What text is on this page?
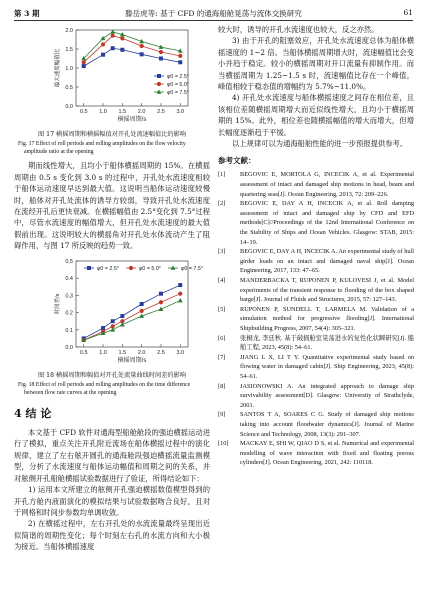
第 3 期	滕岳虎等: 基于 CFD 的通海船舱晃荡与流体交换研究	61
0.0
0.5
1.0
1.5
2.0
0.5 1.0 1.5 2.0 2.5 3.0
横摇周期/s
最大速度幅值比	φ0 = 2.5°
φ0 = 5.0°
φ0 = 7.5°
图 17 横摇周期和横摇幅值对开孔处流速幅值比的影响
Fig. 17 Effect of roll periods and rolling amplitudes on the flow velocity amplitude ratio at the opening

期而线性增大，且均小于船体横摇周期的 15%。在横摇周期由 0.5 s 变化到 3.0 s 的过程中，开孔处水流速度相较于船体运动速度早达到最大值。这说明当船体运动速度较慢时，船体对开孔处流体的诱导方较弱，导致开孔处水流速度在流经开孔后更快衰减。在横摇幅值由 2.5°变化到 7.5°过程中，尽管水流速度的幅值增大，但开孔处水流速度的最大值假前出现。这说明较大的横摇角对开孔处水体流动产生了阻碍作用，与图 17 所反映的趋势一致。

0.0
0.1
0.2
0.3
0.4
0.5
0.5 1.0 1.5 2.0 2.5 3.0
横摇周期/s
时间差/s
φ0 = 2.5°	φ0 = 5.0°	φ0 = 7.5°
图 18 横摇周期和幅值对开孔处流量曲线时间差的影响
Fig. 18 Effect of roll periods and rolling amplitudes on the time difference between flow rate curves at the opening
4 结 论

本文基于 CFD 软件对通海型船舱舱段的强迫横摇运动进行了模拟，重点关注开孔附近流场在船体横摇过程中的演化规律，建立了左右舷开圆孔的通海舱段强迫横摇流量监测模型，分析了水流速度与船体运动幅值和周期之间的关系，并对舷侧开孔船舱横摇试验数据进行了验证，所得结论如下：

1) 运用本文所建立的舷侧开孔强迫横摇数值模型得到的开孔方舱内液面演化的模拟结果与试验数据吻合良好，且对于网格和时间步参数均单调收敛。

2) 在横摇过程中，左右开孔处的水流流量最终呈现出近似简谐的周期性变化；每个时刻左右孔的水流方向和大小极为接近。当船体横摇速度

较大时，诱导的开孔水流速度也较大，反之亦然。

3) 由于开孔的阻塞效应，开孔处水流速度总体为船体横摇速度的 1~2 倍。当船体横摇周期增大时，流速幅值比会变小并趋于稳定。较小的横摇周期对开口流量有抑制作用。而当横摇周期为 1.25~1.5 s 时，流速幅值比存在一个峰值，峰值相较于稳态值的增幅约为 5.7%~11.0%。

4) 开孔处水流速度与船体横摇速度之间存在相位差，且该相位差随横摇周期增大而近似线性增大，且均小于横摇周期的 15%。此外，相位差也随横摇幅值的增大而增大，但增长幅度逐渐趋于平缓。

以上规律可以为通海船舶性能的进一步预报提供参考。

参考文献：
[1]	BEGOVIC E, MORTOLA G, INCECIK A, et al. Experimental assessment of intact and damaged ship motions in head, beam and quartering seas[J]. Ocean Engineering, 2013, 72: 209–226.
[2]	BEGOVIC E, DAY A H, INCECIK A, et al. Roll damping assessment of intact and damaged ship by CFD and EFD methods[C]//Proceedings of the 12nd International Conference on the Stability of Ships and Ocean Vehicles. Glasgow: STAB, 2015: 14–19.
[3]	BEGOVIC E, DAY A H, INCECIK A. An experimental study of hull girder loads on an intact and damaged naval ship[J]. Ocean Engineering, 2017, 133: 47–65.
[4]	MANDERBACKA T, RUPONEN P, KULOVESI J, et al. Model experiments of the transient response to flooding of the box shaped barge[J]. Journal of Fluids and Structures, 2015, 57: 127–143.
[5]	RUPONEN P, SUNDELL T, LARMELA M. Validation of a simulation method for progressive flooding[J]. International Shipbuilding Progress, 2007, 54(4): 305–321.
[6]	张桐龙, 李廷秋. 基于破损舱室晃荡进水的复性化状瞬研究[J]. 船舶工程, 2023, 45(8): 54–61.
[7]	JIANG L X, LI T Y. Quantitative experimental study based on flowing water in damaged cabin[J]. Ship Engineering, 2023, 45(8): 54–61.
[8]	JASIONOWSKI A. An integrated approach to damage ship survivability assessment[D]. Glasgow: University of Strathclyde, 2001.
[9]	SANTOS T A, SOARES C G. Study of damaged ship motions taking into account floodwater dynamics[J]. Journal of Marine Science and Technology, 2008, 13(3): 291–307.
[10]	MACKAY E, SHI W, QIAO D S, et al. Numerical and experimental modelling of wave interaction with fixed and floating porous cylinders[J]. Ocean Engineering, 2021, 242: 110118.
